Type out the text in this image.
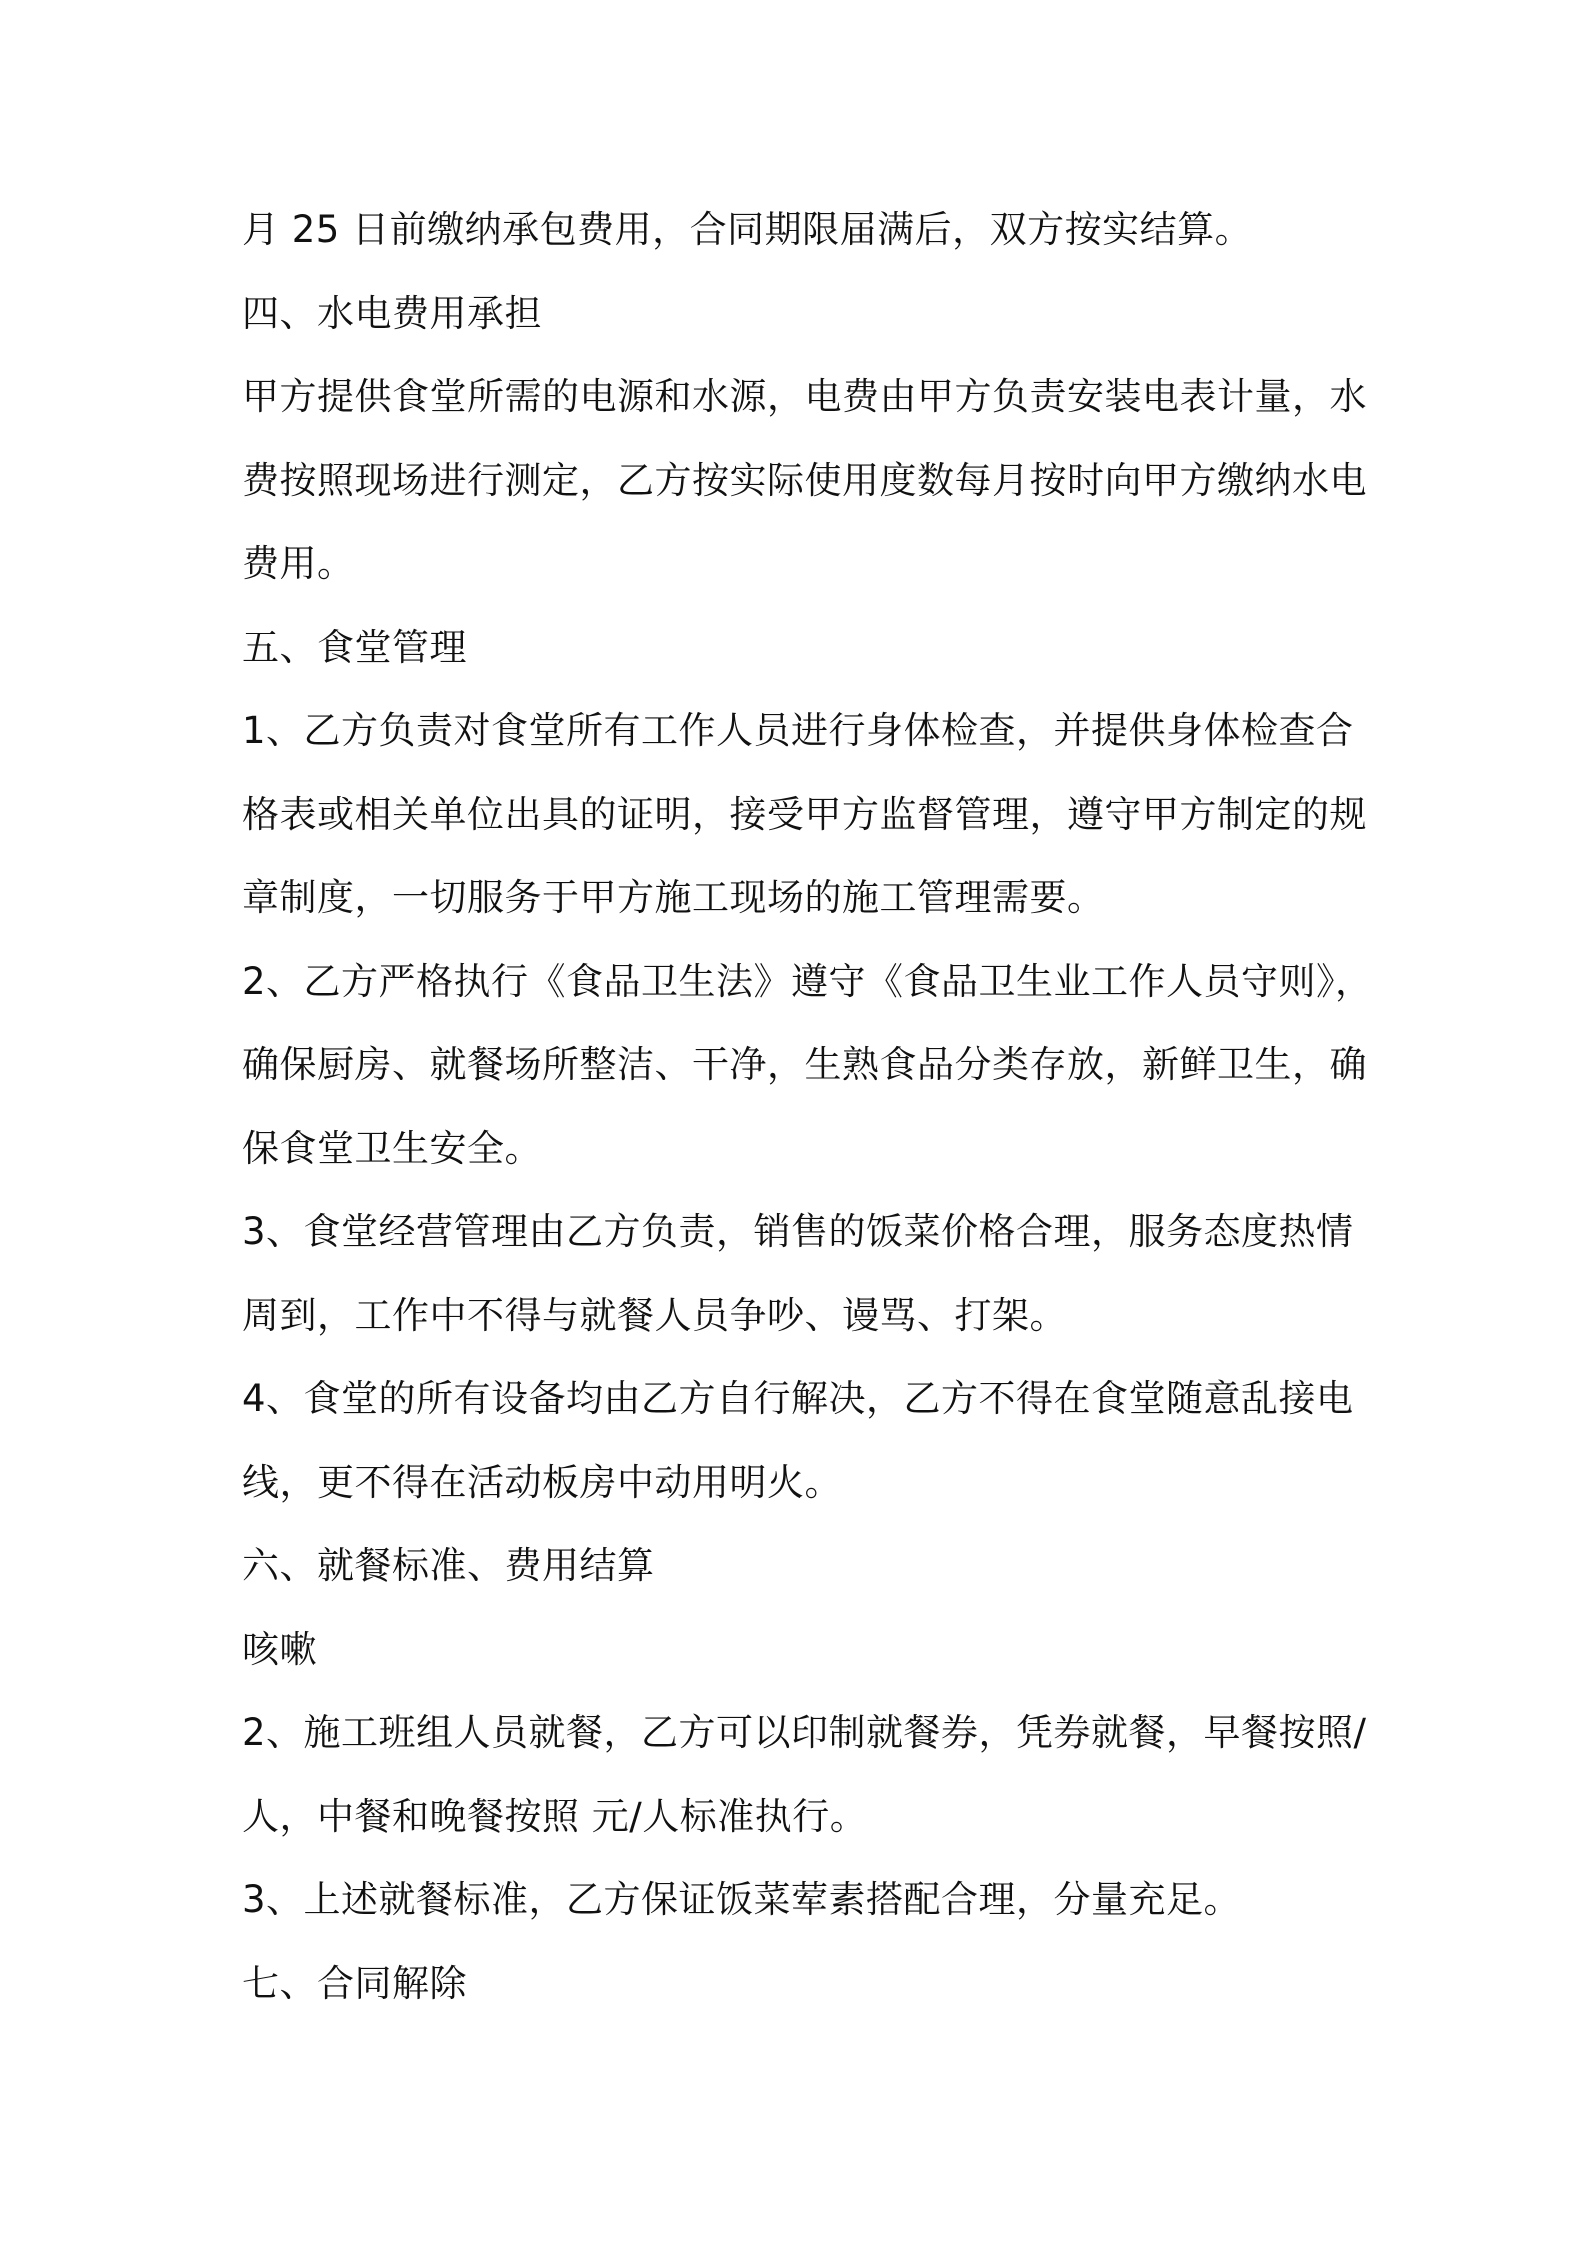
月 25 日前缴纳承包费用，合同期限届满后，双方按实结算。
四、水电费用承担
甲方提供食堂所需的电源和水源，电费由甲方负责安装电表计量，水
费按照现场进行测定，乙方按实际使用度数每月按时向甲方缴纳水电
费用。
五、食堂管理
1、乙方负责对食堂所有工作人员进行身体检查，并提供身体检查合
格表或相关单位出具的证明，接受甲方监督管理，遵守甲方制定的规
章制度，一切服务于甲方施工现场的施工管理需要。
2、乙方严格执行《食品卫生法》遵守《食品卫生业工作人员守则》，
确保厨房、就餐场所整洁、干净，生熟食品分类存放，新鲜卫生，确
保食堂卫生安全。
3、食堂经营管理由乙方负责，销售的饭菜价格合理，服务态度热情
周到，工作中不得与就餐人员争吵、谩骂、打架。
4、食堂的所有设备均由乙方自行解决，乙方不得在食堂随意乱接电
线，更不得在活动板房中动用明火。
六、就餐标准、费用结算
咳嗽
2、施工班组人员就餐，乙方可以印制就餐券，凭券就餐，早餐按照/
人，中餐和晚餐按照 元/人标准执行。
3、上述就餐标准，乙方保证饭菜荤素搭配合理，分量充足。
七、合同解除
